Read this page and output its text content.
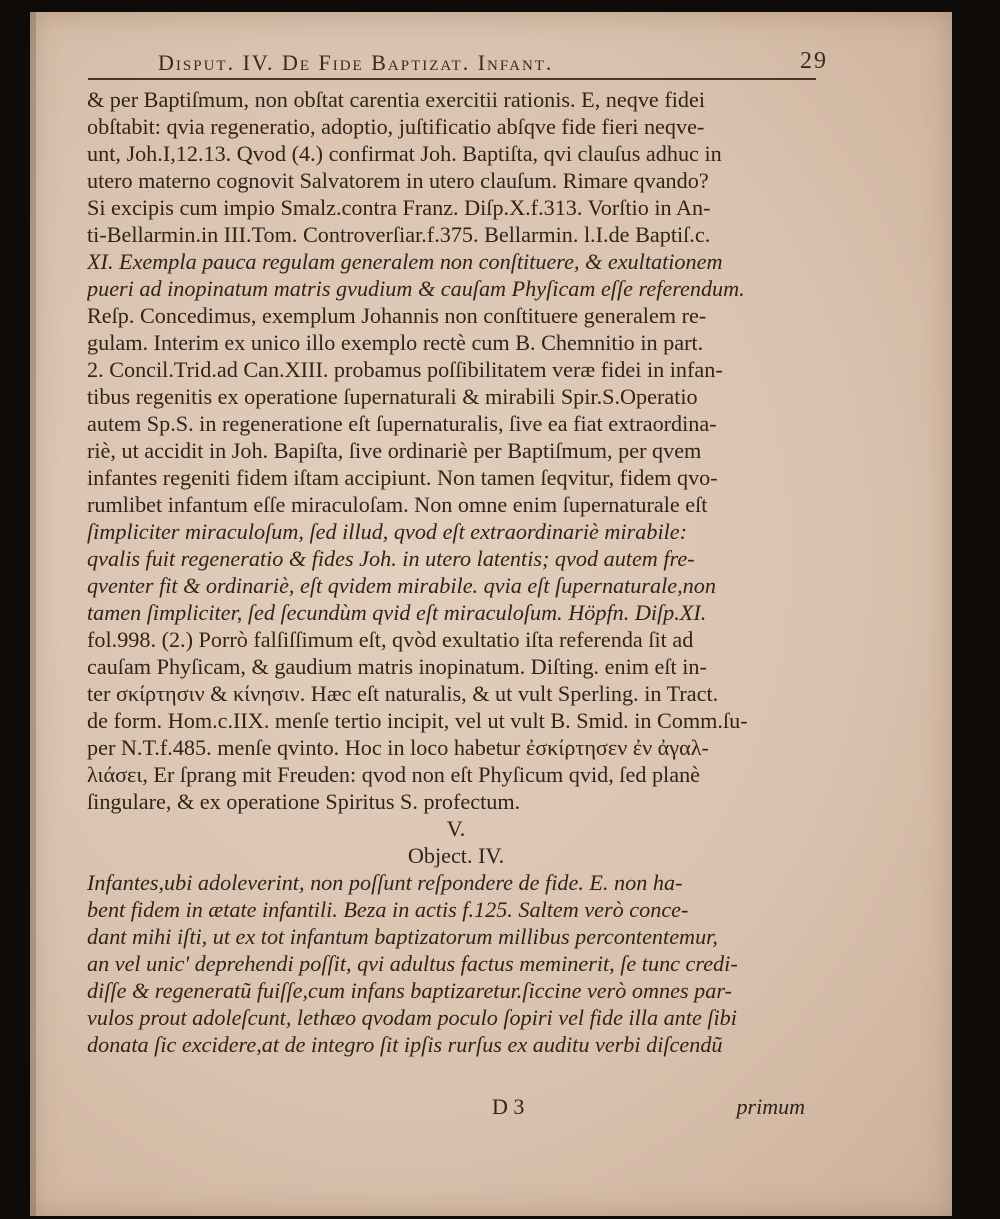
Disput. IV. De Fide Baptizat. Infant.	29
& per Baptiſmum, non obſtat carentia exercitii rationis. E, neqve fidei
obſtabit: qvia regeneratio, adoptio, juſtificatio abſqve fide fieri neqve-
unt, Joh.I,12.13. Qvod (4.) confirmat Joh. Baptiſta, qvi clauſus adhuc in
utero materno cognovit Salvatorem in utero clauſum. Rimare qvando?
Si excipis cum impio Smalz.contra Franz. Diſp.X.f.313. Vorſtio in An-
ti-Bellarmin.in III.Tom. Controverſiar.f.375. Bellarmin. l.I.de Baptiſ.c.
XI. Exempla pauca regulam generalem non conſtituere, & exultationem
pueri ad inopinatum matris gvudium & cauſam Phyſicam eſſe referendum.
Reſp. Concedimus, exemplum Johannis non conſtituere generalem re-
gulam. Interim ex unico illo exemplo rectè cum B. Chemnitio in part.
2. Concil.Trid.ad Can.XIII. probamus poſſibilitatem veræ fidei in infan-
tibus regenitis ex operatione ſupernaturali & mirabili Spir.S.Operatio
autem Sp.S. in regeneratione eſt ſupernaturalis, ſive ea fiat extraordina-
riè, ut accidit in Joh. Bapiſta, ſive ordinariè per Baptiſmum, per qvem
infantes regeniti fidem iſtam accipiunt. Non tamen ſeqvitur, fidem qvo-
rumlibet infantum eſſe miraculoſam. Non omne enim ſupernaturale eſt
ſimpliciter miraculoſum, ſed illud, qvod eſt extraordinariè mirabile:
qvalis fuit regeneratio & fides Joh. in utero latentis; qvod autem fre-
qventer fit & ordinariè, eſt qvidem mirabile. qvia eſt ſupernaturale,non
tamen ſimpliciter, ſed ſecundùm qvid eſt miraculoſum. Höpfn. Diſp.XI.
fol.998. (2.) Porrò falſiſſimum eſt, qvòd exultatio iſta referenda ſit ad
cauſam Phyſicam, & gaudium matris inopinatum. Diſting. enim eſt in-
ter σκίρτησιν & κίνησιν. Hæc eſt naturalis, & ut vult Sperling. in Tract.
de form. Hom.c.IIX. menſe tertio incipit, vel ut vult B. Smid. in Comm.ſu-
per N.T.f.485. menſe qvinto. Hoc in loco habetur ἐσκίρτησεν ἐν ἀγαλ-
λιάσει, Er ſprang mit Freuden: qvod non eſt Phyſicum qvid, ſed planè
ſingulare, & ex operatione Spiritus S. profectum.
V.
Object. IV.
Infantes,ubi adoleverint, non poſſunt reſpondere de fide. E. non ha-
bent fidem in ætate infantili. Beza in actis f.125. Saltem verò conce-
dant mihi iſti, ut ex tot infantum baptizatorum millibus percontentemur,
an vel unic' deprehendi poſſit, qvi adultus factus meminerit, ſe tunc credi-
diſſe & regeneratũ fuiſſe,cum infans baptizaretur.ſiccine verò omnes par-
vulos prout adoleſcunt, lethæo qvodam poculo ſopiri vel fide illa ante ſibi
donata ſic excidere,at de integro ſit ipſis rurſus ex auditu verbi diſcendũ
D 3	primum
